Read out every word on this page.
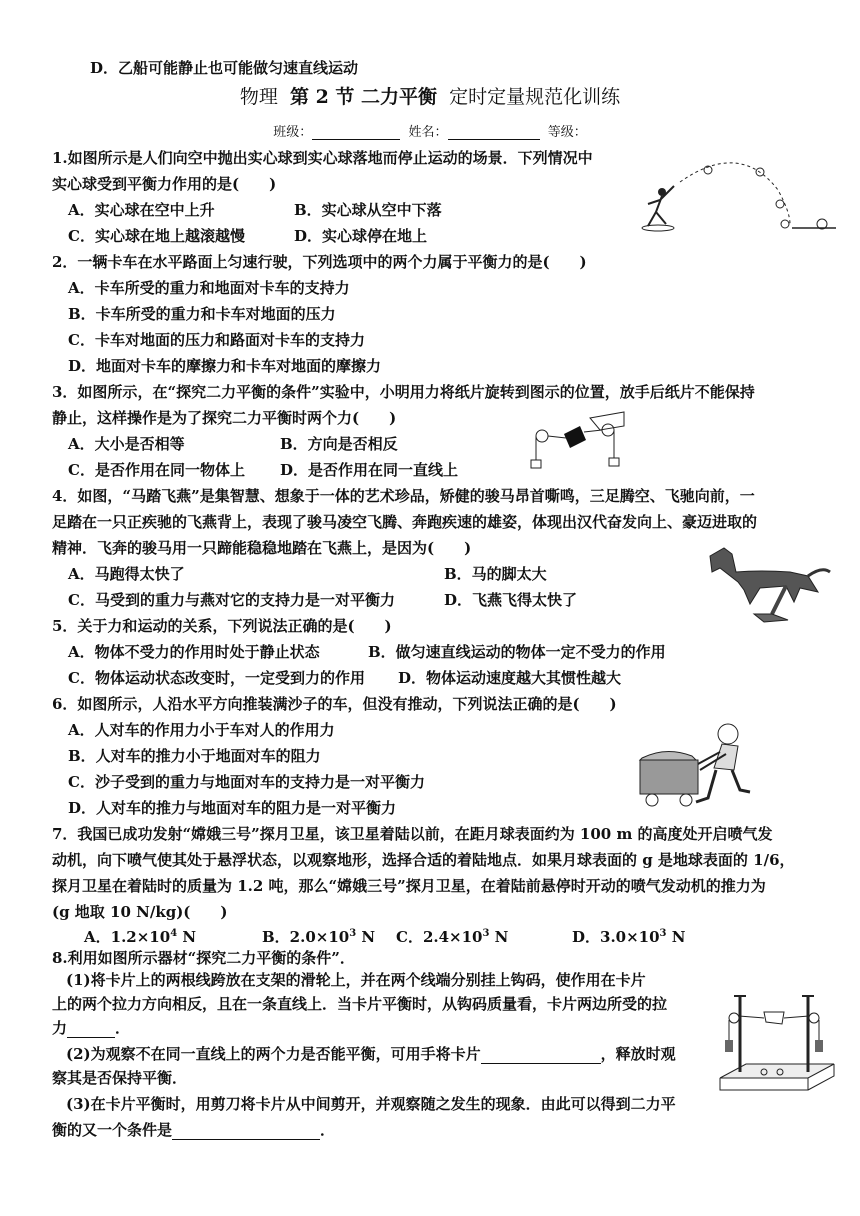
D．乙船可能静止也可能做匀速直线运动
物理 第 2 节 二力平衡 定时定量规范化训练
班级：	姓名：	等级：
1.如图所示是人们向空中抛出实心球到实心球落地而停止运动的场景．下列情况中
实心球受到平衡力作用的是(　　)
A．实心球在空中上升	B．实心球从空中下落
C．实心球在地上越滚越慢	D．实心球停在地上
2．一辆卡车在水平路面上匀速行驶，下列选项中的两个力属于平衡力的是(　　)
A．卡车所受的重力和地面对卡车的支持力
B．卡车所受的重力和卡车对地面的压力
C．卡车对地面的压力和路面对卡车的支持力
D．地面对卡车的摩擦力和卡车对地面的摩擦力
3．如图所示，在“探究二力平衡的条件”实验中，小明用力将纸片旋转到图示的位置，放手后纸片不能保持
静止，这样操作是为了探究二力平衡时两个力(　　)
A．大小是否相等	B．方向是否相反
C．是否作用在同一物体上 D．是否作用在同一直线上
4．如图，“马踏飞燕”是集智慧、想象于一体的艺术珍品，矫健的骏马昂首嘶鸣，三足腾空、飞驰向前，一
足踏在一只正疾驰的飞燕背上，表现了骏马凌空飞腾、奔跑疾速的雄姿，体现出汉代奋发向上、豪迈进取的
精神．飞奔的骏马用一只蹄能稳稳地踏在飞燕上，是因为(　　)
A．马跑得太快了	B．马的脚太大
C．马受到的重力与燕对它的支持力是一对平衡力	D．飞燕飞得太快了
5．关于力和运动的关系，下列说法正确的是(　　)
A．物体不受力的作用时处于静止状态	B．做匀速直线运动的物体一定不受力的作用
C．物体运动状态改变时，一定受到力的作用 D．物体运动速度越大其惯性越大
6．如图所示，人沿水平方向推装满沙子的车，但没有推动，下列说法正确的是(　　)
A．人对车的作用力小于车对人的作用力
B．人对车的推力小于地面对车的阻力
C．沙子受到的重力与地面对车的支持力是一对平衡力
D．人对车的推力与地面对车的阻力是一对平衡力
7．我国已成功发射“嫦娥三号”探月卫星，该卫星着陆以前，在距月球表面约为 100 m 的高度处开启喷气发
动机，向下喷气使其处于悬浮状态，以观察地形，选择合适的着陆地点．如果月球表面的 g 是地球表面的 1/6，
探月卫星在着陆时的质量为 1.2 吨，那么“嫦娥三号”探月卫星，在着陆前悬停时开动的喷气发动机的推力为
(g 地取 10 N/kg)(　　)
A．$1.2\times 10^4$ N	B．$2.0\times 10^3$ N C．$2.4\times 10^3$ N	D．$3.0\times 10^3$ N
8.利用如图所示器材“探究二力平衡的条件”．
(1)将卡片上的两根线跨放在支架的滑轮上，并在两个线端分别挂上钩码，使作用在卡片
上的两个拉力方向相反，且在一条直线上．当卡片平衡时，从钩码质量看，卡片两边所受的拉
力	．
(2)为观察不在同一直线上的两个力是否能平衡，可用手将卡片	，释放时观
察其是否保持平衡．
(3)在卡片平衡时，用剪刀将卡片从中间剪开，并观察随之发生的现象．由此可以得到二力平
衡的又一个条件是	．
